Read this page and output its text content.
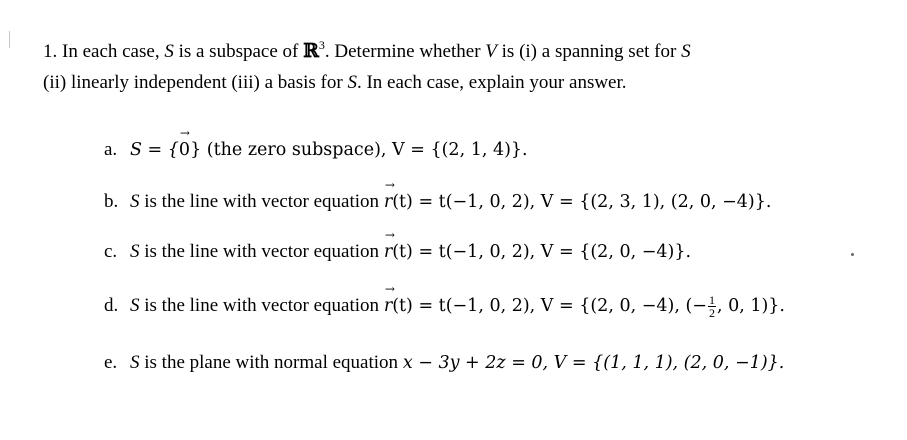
1. In each case, S is a subspace of ℝ$^3$. Determine whether V is (i) a spanning set for S
(ii) linearly independent (iii) a basis for S. In each case, explain your answer.
a. S = {
→
0} (the zero subspace), V = {(2, 1, 4)}.
b. S is the line with vector equation
→
r(t) = t(−1, 0, 2), V = {(2, 3, 1), (2, 0, −4)}.
c. S is the line with vector equation
→
r(t) = t(−1, 0, 2), V = {(2, 0, −4)}.
d. S is the line with vector equation
→
r(t) = t(−1, 0, 2), V = {(2, 0, −4), (− $\frac{1}{2}$ , 0, 1)}.
e. S is the plane with normal equation x − 3y + 2z = 0, V = {(1, 1, 1), (2, 0, −1)}.
